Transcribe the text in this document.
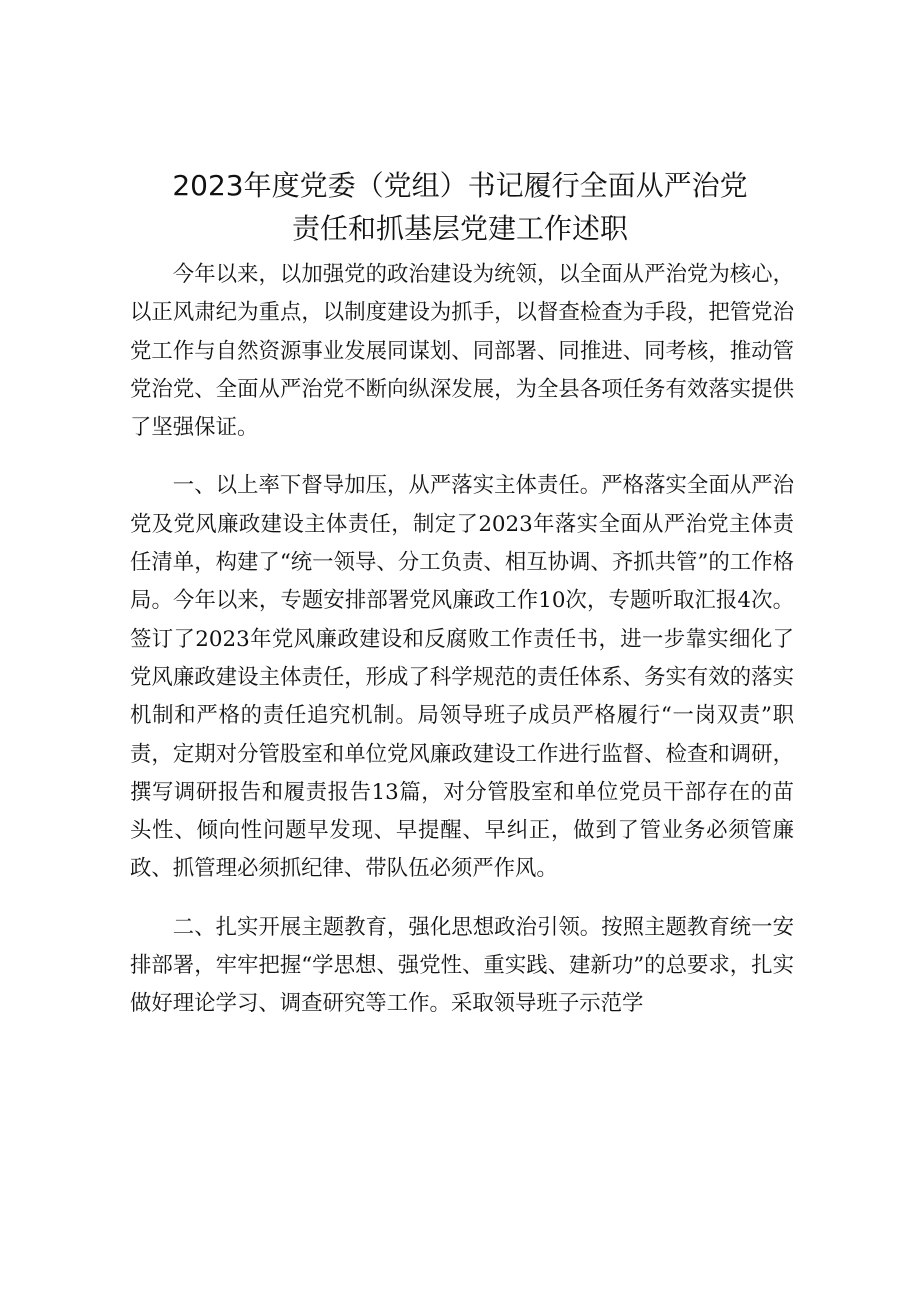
2023年度党委（党组）书记履行全面从严治党
责任和抓基层党建工作述职

今年以来，以加强党的政治建设为统领，以全面从严治党为核心，以正风肃纪为重点，以制度建设为抓手，以督查检查为手段，把管党治党工作与自然资源事业发展同谋划、同部署、同推进、同考核，推动管党治党、全面从严治党不断向纵深发展，为全县各项任务有效落实提供了坚强保证。

一、以上率下督导加压，从严落实主体责任。严格落实全面从严治党及党风廉政建设主体责任，制定了2023年落实全面从严治党主体责任清单，构建了“统一领导、分工负责、相互协调、齐抓共管”的工作格局。今年以来，专题安排部署党风廉政工作10次，专题听取汇报4次。签订了2023年党风廉政建设和反腐败工作责任书，进一步靠实细化了党风廉政建设主体责任，形成了科学规范的责任体系、务实有效的落实机制和严格的责任追究机制。局领导班子成员严格履行“一岗双责”职责，定期对分管股室和单位党风廉政建设工作进行监督、检查和调研，撰写调研报告和履责报告13篇，对分管股室和单位党员干部存在的苗头性、倾向性问题早发现、早提醒、早纠正，做到了管业务必须管廉政、抓管理必须抓纪律、带队伍必须严作风。

二、扎实开展主题教育，强化思想政治引领。按照主题教育统一安排部署，牢牢把握“学思想、强党性、重实践、建新功”的总要求，扎实做好理论学习、调查研究等工作。采取领导班子示范学
